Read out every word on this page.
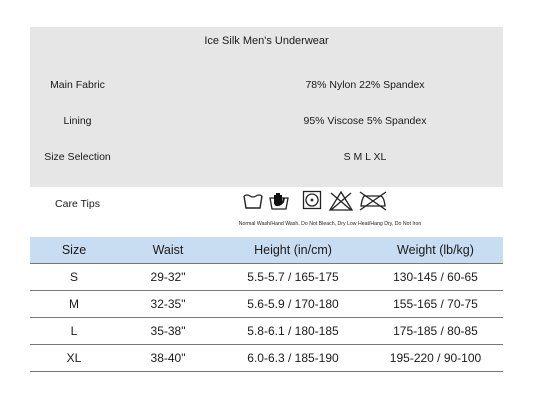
Ice Silk Men's Underwear
Main Fabric	78% Nylon 22% Spandex
Lining	95% Viscose 5% Spandex
Size Selection	S M L XL
Care Tips
Normal Wash/Hand Wash, Do Not Bleach, Dry Low Heat/Hang Dry, Do Not Iron
Size	Waist	Height (in/cm)	Weight (lb/kg)
S	29-32"	5.5-5.7 / 165-175	130-145 / 60-65
M	32-35"	5.6-5.9 / 170-180	155-165 / 70-75
L	35-38"	5.8-6.1 / 180-185	175-185 / 80-85
XL	38-40"	6.0-6.3 / 185-190	195-220 / 90-100
